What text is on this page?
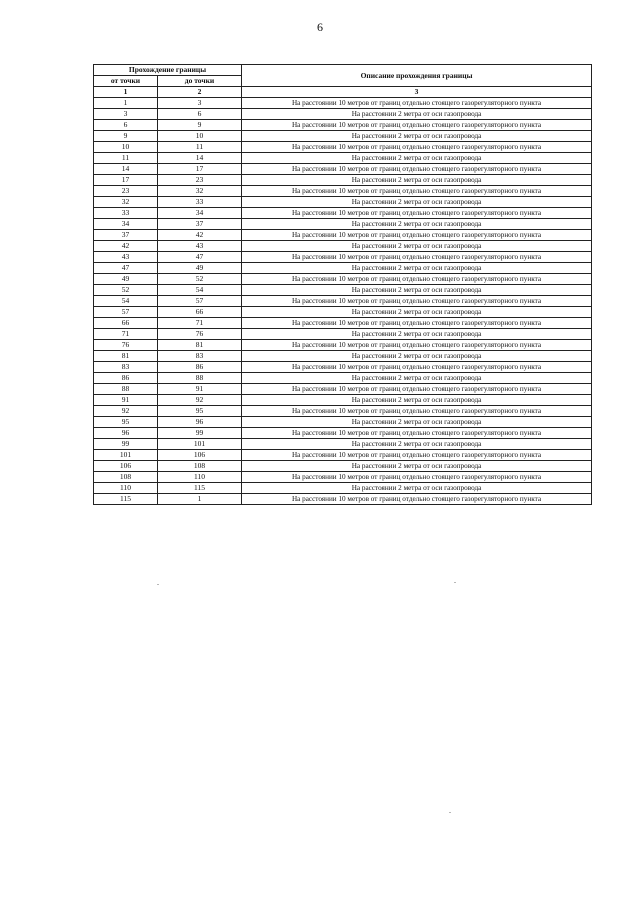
6
Прохождение границы		Описание прохождения границы
от точки	до точки	
1	2	3
1	3	На расстоянии 10 метров от границ отдельно стоящего газорегуляторного пункта
3	6	На расстоянии 2 метра от оси газопровода
6	9	На расстоянии 10 метров от границ отдельно стоящего газорегуляторного пункта
9	10	На расстоянии 2 метра от оси газопровода
10	11	На расстоянии 10 метров от границ отдельно стоящего газорегуляторного пункта
11	14	На расстоянии 2 метра от оси газопровода
14	17	На расстоянии 10 метров от границ отдельно стоящего газорегуляторного пункта
17	23	На расстоянии 2 метра от оси газопровода
23	32	На расстоянии 10 метров от границ отдельно стоящего газорегуляторного пункта
32	33	На расстоянии 2 метра от оси газопровода
33	34	На расстоянии 10 метров от границ отдельно стоящего газорегуляторного пункта
34	37	На расстоянии 2 метра от оси газопровода
37	42	На расстоянии 10 метров от границ отдельно стоящего газорегуляторного пункта
42	43	На расстоянии 2 метра от оси газопровода
43	47	На расстоянии 10 метров от границ отдельно стоящего газорегуляторного пункта
47	49	На расстоянии 2 метра от оси газопровода
49	52	На расстоянии 10 метров от границ отдельно стоящего газорегуляторного пункта
52	54	На расстоянии 2 метра от оси газопровода
54	57	На расстоянии 10 метров от границ отдельно стоящего газорегуляторного пункта
57	66	На расстоянии 2 метра от оси газопровода
66	71	На расстоянии 10 метров от границ отдельно стоящего газорегуляторного пункта
71	76	На расстоянии 2 метра от оси газопровода
76	81	На расстоянии 10 метров от границ отдельно стоящего газорегуляторного пункта
81	83	На расстоянии 2 метра от оси газопровода
83	86	На расстоянии 10 метров от границ отдельно стоящего газорегуляторного пункта
86	88	На расстоянии 2 метра от оси газопровода
88	91	На расстоянии 10 метров от границ отдельно стоящего газорегуляторного пункта
91	92	На расстоянии 2 метра от оси газопровода
92	95	На расстоянии 10 метров от границ отдельно стоящего газорегуляторного пункта
95	96	На расстоянии 2 метра от оси газопровода
96	99	На расстоянии 10 метров от границ отдельно стоящего газорегуляторного пункта
99	101	На расстоянии 2 метра от оси газопровода
101	106	На расстоянии 10 метров от границ отдельно стоящего газорегуляторного пункта
106	108	На расстоянии 2 метра от оси газопровода
108	110	На расстоянии 10 метров от границ отдельно стоящего газорегуляторного пункта
110	115	На расстоянии 2 метра от оси газопровода
115	1	На расстоянии 10 метров от границ отдельно стоящего газорегуляторного пункта
.	.
.
